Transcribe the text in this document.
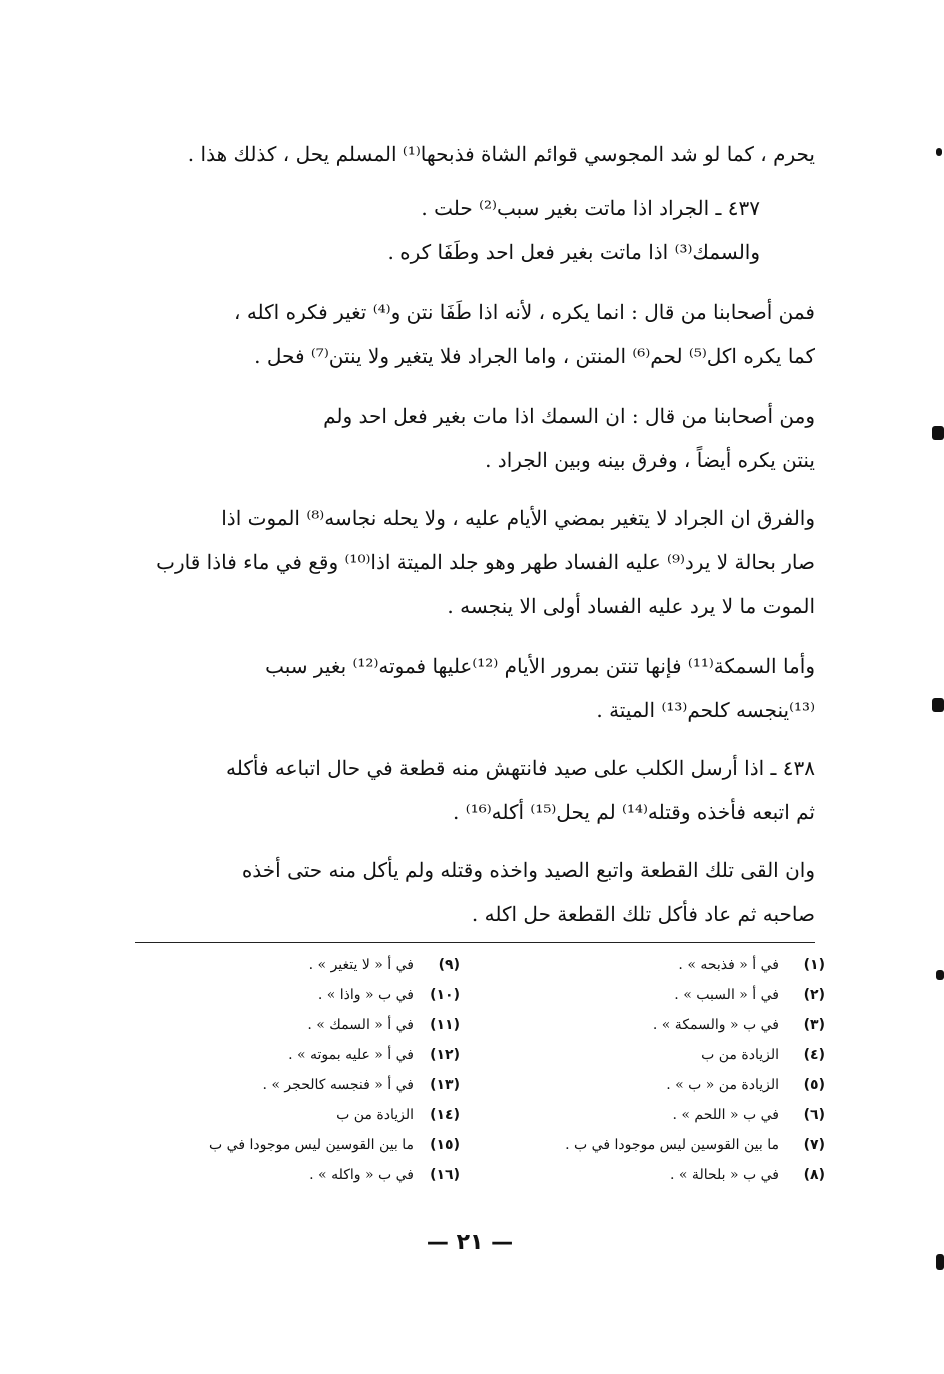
يحرم ، كما لو شد المجوسي قوائم الشاة فذبحها⁽¹⁾ المسلم يحل ، كذلك هذا .
٤٣٧ ـ الجراد اذا ماتت بغير سبب⁽²⁾ حلت .
والسمك⁽³⁾ اذا ماتت بغير فعل احد وطَفَا كره .
فمن أصحابنا من قال : انما يكره ، لأنه اذا طَفَا نتن و⁽⁴⁾ تغير فكره اكله ،
كما يكره اكل⁽⁵⁾ لحم⁽⁶⁾ المنتن ، واما الجراد فلا يتغير ولا ينتن⁽⁷⁾ فحل .
ومن أصحابنا من قال : ان السمك اذا مات بغير فعل احد ولم
ينتن يكره أيضاً ، وفرق بينه وبين الجراد .
والفرق ان الجراد لا يتغير بمضي الأيام عليه ، ولا يحله نجاسه⁽⁸⁾ الموت اذا
صار بحالة لا يرد⁽⁹⁾ عليه الفساد طهر وهو جلد الميتة اذا⁽¹⁰⁾ وقع في ماء فاذا قارب
الموت ما لا يرد عليه الفساد أولى الا ينجسه .
وأما السمكة⁽¹¹⁾ فإنها تنتن بمرور الأيام ⁽¹²⁾عليها فموته⁽¹²⁾ بغير سبب
⁽¹³⁾ينجسه كلحم⁽¹³⁾ الميتة .
٤٣٨ ـ اذا أرسل الكلب على صيد فانتهش منه قطعة في حال اتباعه فأكله
ثم اتبعه فأخذه وقتله⁽¹⁴⁾ لم يحل⁽¹⁵⁾ أكله⁽¹⁶⁾ .
وان القى تلك القطعة واتبع الصيد واخذه وقتله ولم يأكل منه حتى أخذه
صاحبه ثم عاد فأكل تلك القطعة حل اكله .
(١)
في أ « فذبحه » .
(٢)
في أ « السبب » .
(٣)
في ب « والسمكة » .
(٤)
الزيادة من ب
(٥)
الزيادة من « ب » .
(٦)
في ب « اللحم » .
(٧)
ما بين القوسين ليس موجودا في ب .
(٨)
في ب « بلحالة » .
(٩)
في أ « لا يتغير » .
(١٠)
في ب « واذا » .
(١١)
في أ « السمك » .
(١٢)
في أ « عليه بموته » .
(١٣)
في أ « فنجسه كالحجر » .
(١٤)
الزيادة من ب
(١٥)
ما بين القوسين ليس موجودا في ب
(١٦)
في ب « واكله » .
— ٢١ —
